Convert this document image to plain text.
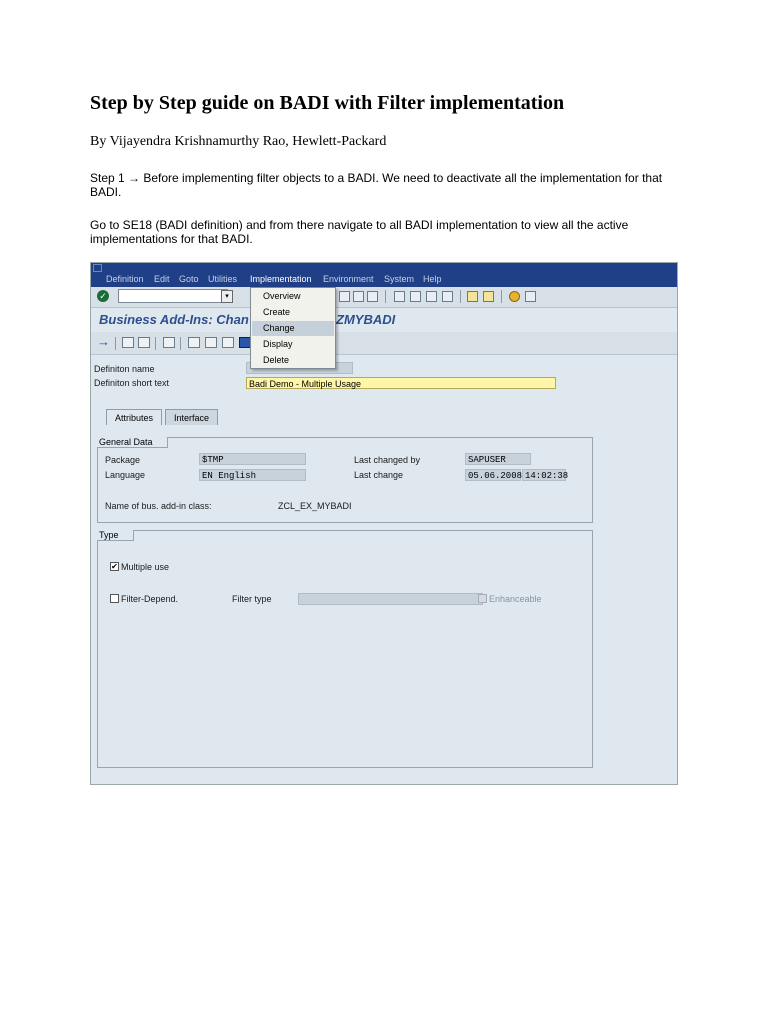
Step by Step guide on BADI with Filter implementation
By Vijayendra Krishnamurthy Rao, Hewlett-Packard
Step 1 → Before implementing filter objects to a BADI. We need to deactivate all the implementation for that BADI.
Go to SE18 (BADI definition) and from there navigate to all BADI implementation to view all the active implementations for that BADI.
Definition Edit Goto Utilities Implementation Environment System Help
✓	▾
Business Add-Ins: Chan	ZMYBADI
→
Definiton name
Definiton short text	Badi Demo - Multiple Usage
Attributes	Interface
General Data
Package	$TMP	Last changed by	SAPUSER
Language	EN English	Last change	05.06.2008 14:02:38
Name of bus. add-in class:	ZCL_EX_MYBADI
Type
✔ Multiple use
Filter-Depend.	Filter type	Enhanceable
Overview
Create
Change
Display
Delete
